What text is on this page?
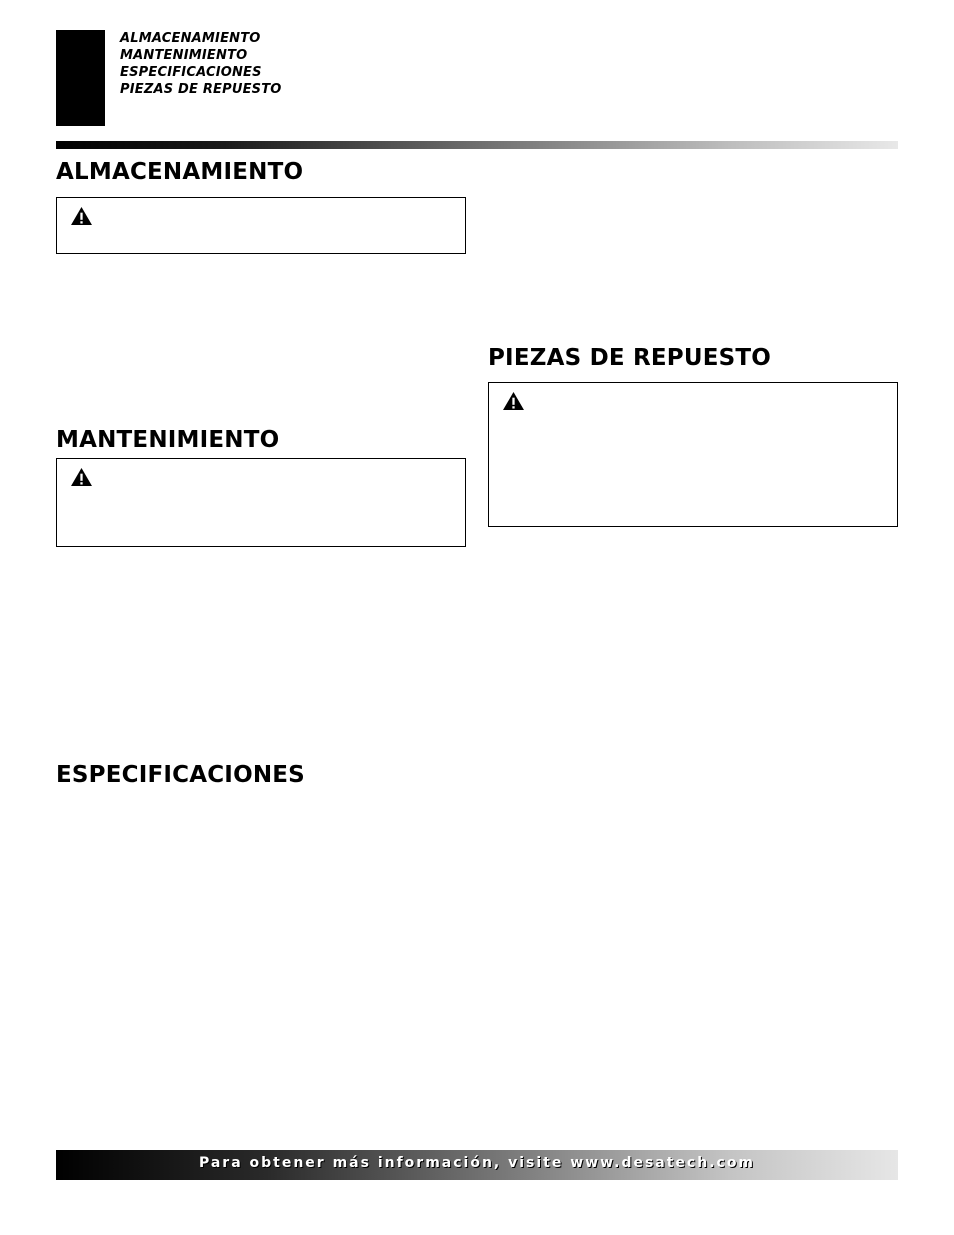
ALMACENAMIENTO
MANTENIMIENTO
ESPECIFICACIONES
PIEZAS DE REPUESTO
ALMACENAMIENTO
MANTENIMIENTO
ESPECIFICACIONES
PIEZAS DE REPUESTO
Para obtener más información, visite www.desatech.com
